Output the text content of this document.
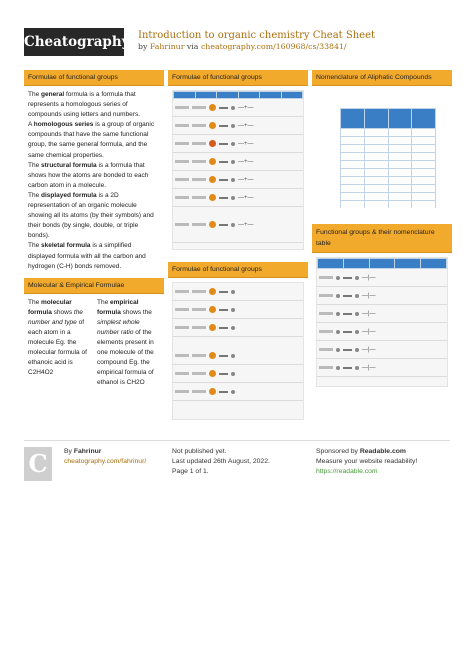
Cheatography Introduction to organic chemistry Cheat Sheet
by Fahrinur via cheatography.com/160968/cs/33841/
Formulae of functional groups

The general formula is a formula that represents a homologous series of compounds using letters and numbers.

A homologous series is a group of organic compounds that have the same functional group, the same general formula, and the same chemical properties.

The structural formula is a formula that shows how the atoms are bonded to each carbon atom in a molecule.

The displayed formula is a 2D representation of an organic molecule showing all its atoms (by their symbols) and their bonds (by single, double, or triple bonds).

The skeletal formula is a simplified displayed formula with all the carbon and hydrogen (C-H) bonds removed.

Molecular & Empirical Formulae
The molecular formula shows the number and type of each atom in a molecule Eg. the molecular formula of ethanoic acid is C2H4O2
The empirical formula shows the simplest whole number ratio of the elements present in one molecule of the compound Eg. the empirical formula of ethanol is CH2O
Formulae of functional groups

—+—
—+—
—+—
—+—
—+—
—+—
—+—
Formulae of functional groups
Nomenclature of Aliphatic Compounds

Functional groups & their nomenclature table

—|—
—|—
—|—
—|—
—|—
—|—
C	By Fahrinur
cheatography.com/fahrinur/
Not published yet.
Last updated 26th August, 2022.
Page 1 of 1.
Sponsored by Readable.com
Measure your website readability!
https://readable.com
